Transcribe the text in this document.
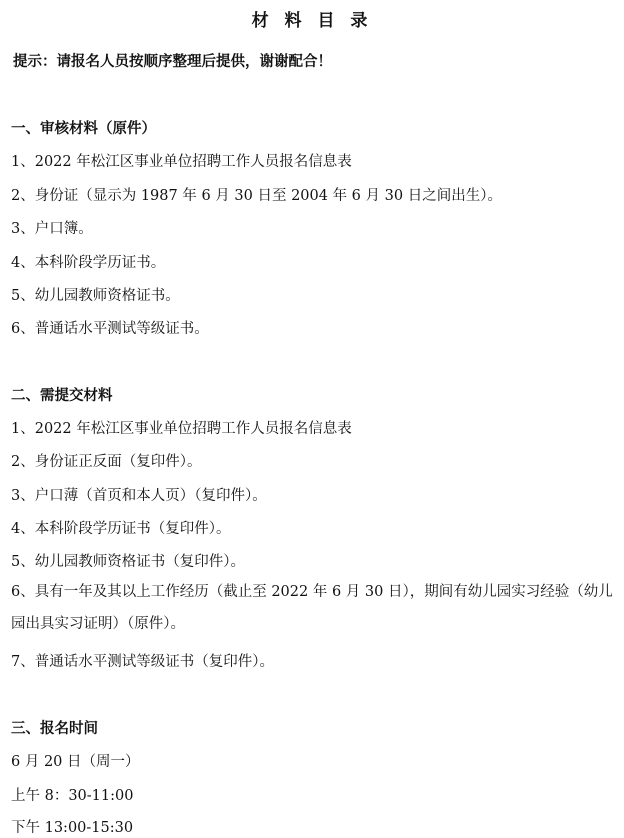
材 料 目 录
提示：请报名人员按顺序整理后提供，谢谢配合！
一、审核材料（原件）
1、2022 年松江区事业单位招聘工作人员报名信息表
2、身份证（显示为 1987 年 6 月 30 日至 2004 年 6 月 30 日之间出生）。
3、户口簿。
4、本科阶段学历证书。
5、幼儿园教师资格证书。
6、普通话水平测试等级证书。
二、需提交材料
1、2022 年松江区事业单位招聘工作人员报名信息表
2、身份证正反面（复印件）。
3、户口薄（首页和本人页）（复印件）。
4、本科阶段学历证书（复印件）。
5、幼儿园教师资格证书（复印件）。
6、具有一年及其以上工作经历（截止至 2022 年 6 月 30 日），期间有幼儿园实习经验（幼儿园出具实习证明）（原件）。
7、普通话水平测试等级证书（复印件）。
三、报名时间
6 月 20 日（周一）
上午 8：30-11:00
下午 13:00-15:30
